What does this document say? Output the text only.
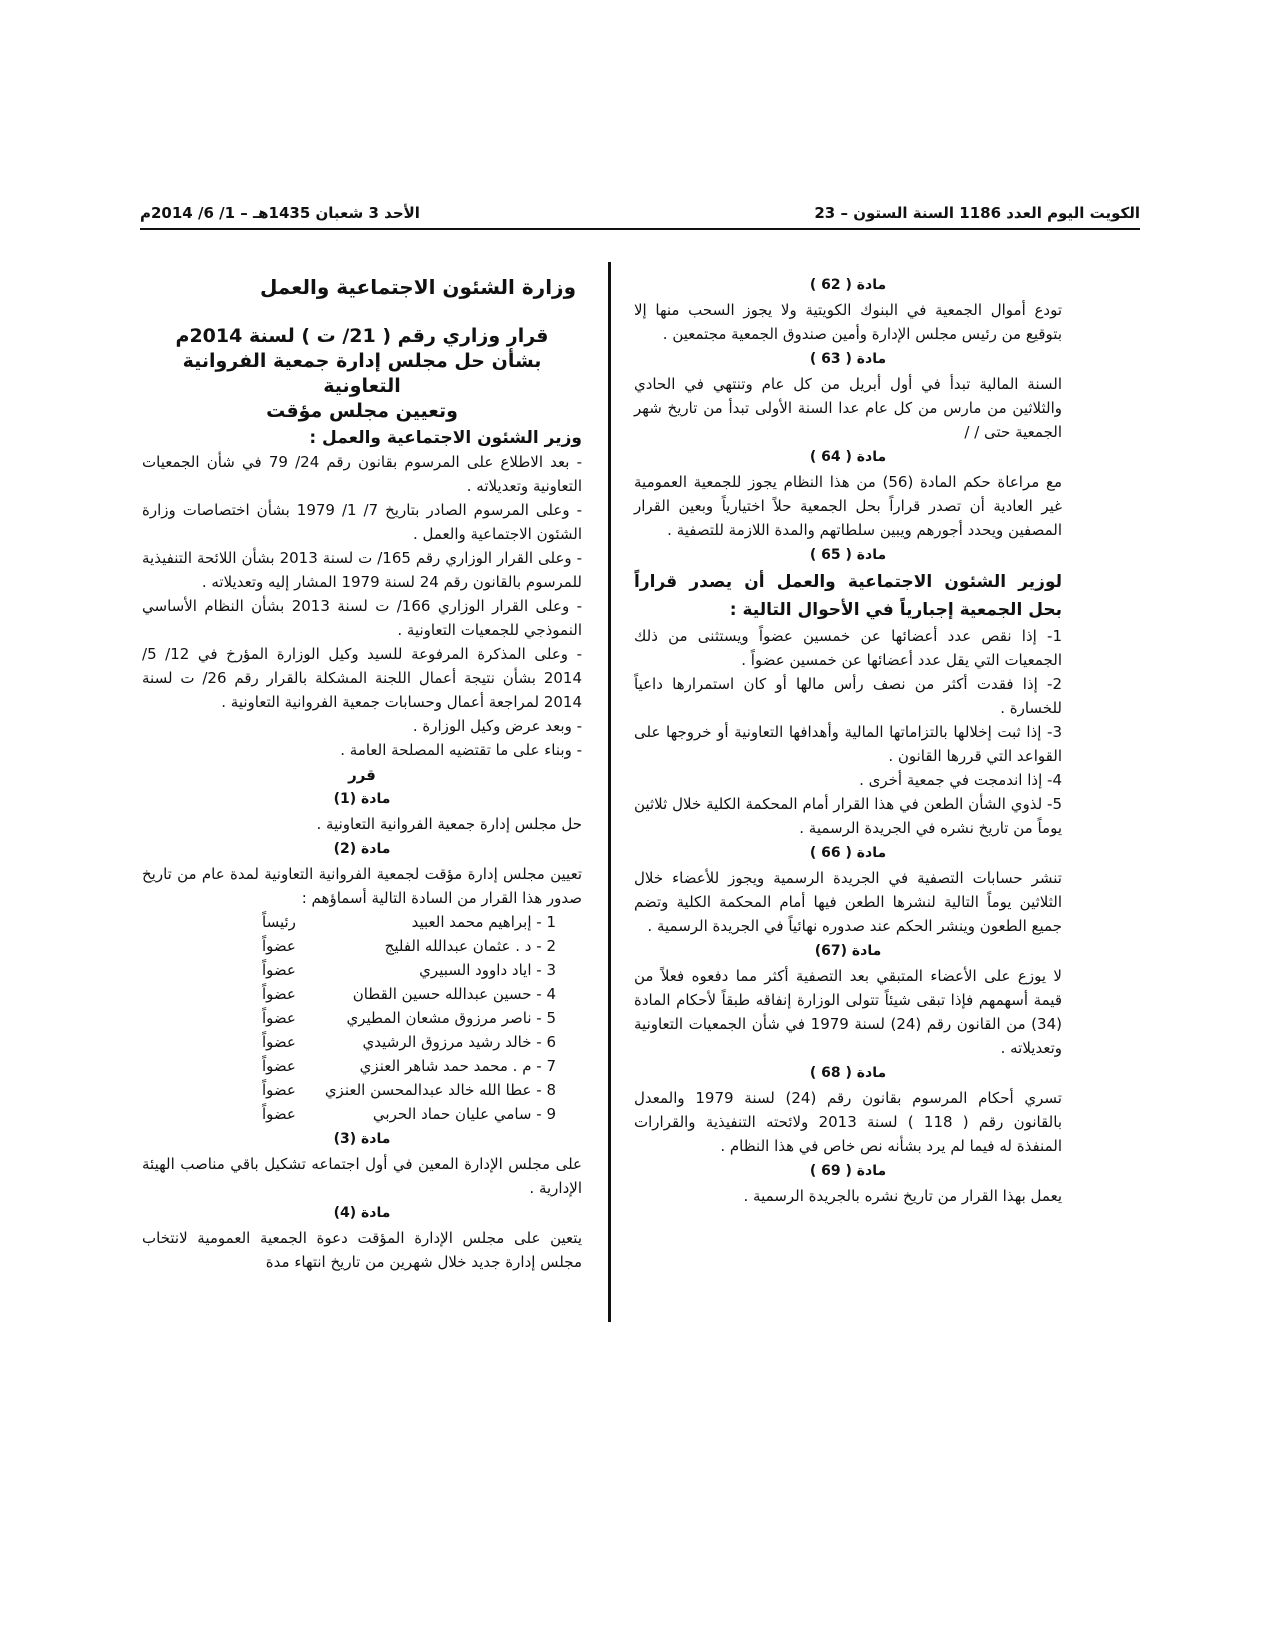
الكويت اليوم العدد 1186 السنة الستون – 23
الأحد 3 شعبان 1435هـ – 1/ 6/ 2014م
مادة ( 62 )

تودع أموال الجمعية في البنوك الكويتية ولا يجوز السحب منها إلا بتوقيع من رئيس مجلس الإدارة وأمين صندوق الجمعية مجتمعين .

مادة ( 63 )

السنة المالية تبدأ في أول أبريل من كل عام وتنتهي في الحادي والثلاثين من مارس من كل عام عدا السنة الأولى تبدأ من تاريخ شهر الجمعية حتى / /

مادة ( 64 )

مع مراعاة حكم المادة (56) من هذا النظام يجوز للجمعية العمومية غير العادية أن تصدر قراراً بحل الجمعية حلاً اختيارياً وبعين القرار المصفين ويحدد أجورهم ويبين سلطاتهم والمدة اللازمة للتصفية .

مادة ( 65 )

لوزير الشئون الاجتماعية والعمل أن يصدر قراراً بحل الجمعية إجبارياً في الأحوال التالية :

1- إذا نقص عدد أعضائها عن خمسين عضواً ويستثنى من ذلك الجمعيات التي يقل عدد أعضائها عن خمسين عضواً .

2- إذا فقدت أكثر من نصف رأس مالها أو كان استمرارها داعياً للخسارة .

3- إذا ثبت إخلالها بالتزاماتها المالية وأهدافها التعاونية أو خروجها على القواعد التي قررها القانون .

4- إذا اندمجت في جمعية أخرى .

5- لذوي الشأن الطعن في هذا القرار أمام المحكمة الكلية خلال ثلاثين يوماً من تاريخ نشره في الجريدة الرسمية .

مادة ( 66 )

تنشر حسابات التصفية في الجريدة الرسمية ويجوز للأعضاء خلال الثلاثين يوماً التالية لنشرها الطعن فيها أمام المحكمة الكلية وتضم جميع الطعون وينشر الحكم عند صدوره نهائياً في الجريدة الرسمية .

مادة (67)

لا يوزع على الأعضاء المتبقي بعد التصفية أكثر مما دفعوه فعلاً من قيمة أسهمهم فإذا تبقى شيئاً تتولى الوزارة إنفاقه طبقاً لأحكام المادة (34) من القانون رقم (24) لسنة 1979 في شأن الجمعيات التعاونية وتعديلاته .

مادة ( 68 )

تسري أحكام المرسوم بقانون رقم (24) لسنة 1979 والمعدل بالقانون رقم ( 118 ) لسنة 2013 ولائحته التنفيذية والقرارات المنفذة له فيما لم يرد بشأنه نص خاص في هذا النظام .

مادة ( 69 )

يعمل بهذا القرار من تاريخ نشره بالجريدة الرسمية .

وزارة الشئون الاجتماعية والعمل

قرار وزاري رقم ( 21/ ت ) لسنة 2014م

بشأن حل مجلس إدارة جمعية الفروانية التعاونية

وتعيين مجلس مؤقت

وزير الشئون الاجتماعية والعمل :

- بعد الاطلاع على المرسوم بقانون رقم 24/ 79 في شأن الجمعيات التعاونية وتعديلاته .

- وعلى المرسوم الصادر بتاريخ 7/ 1/ 1979 بشأن اختصاصات وزارة الشئون الاجتماعية والعمل .

- وعلى القرار الوزاري رقم 165/ ت لسنة 2013 بشأن اللائحة التنفيذية للمرسوم بالقانون رقم 24 لسنة 1979 المشار إليه وتعديلاته .

- وعلى القرار الوزاري 166/ ت لسنة 2013 بشأن النظام الأساسي النموذجي للجمعيات التعاونية .

- وعلى المذكرة المرفوعة للسيد وكيل الوزارة المؤرخ في 12/ 5/ 2014 بشأن نتيجة أعمال اللجنة المشكلة بالقرار رقم 26/ ت لسنة 2014 لمراجعة أعمال وحسابات جمعية الفروانية التعاونية .

- وبعد عرض وكيل الوزارة .

- وبناء على ما تقتضيه المصلحة العامة .

قرر
مادة (1)

حل مجلس إدارة جمعية الفروانية التعاونية .

مادة (2)

تعيين مجلس إدارة مؤقت لجمعية الفروانية التعاونية لمدة عام من تاريخ صدور هذا القرار من السادة التالية أسماؤهم :

1 - إبراهيم محمد العبيد
رئيساً
2 - د . عثمان عبدالله الفليج
عضواً
3 - اياد داوود السبيري
عضواً
4 - حسين عبدالله حسين القطان
عضواً
5 - ناصر مرزوق مشعان المطيري
عضواً
6 - خالد رشيد مرزوق الرشيدي
عضواً
7 - م . محمد حمد شاهر العنزي
عضواً
8 - عطا الله خالد عبدالمحسن العنزي
عضواً
9 - سامي عليان حماد الحربي
عضواً
مادة (3)

على مجلس الإدارة المعين في أول اجتماعه تشكيل باقي مناصب الهيئة الإدارية .

مادة (4)

يتعين على مجلس الإدارة المؤقت دعوة الجمعية العمومية لانتخاب مجلس إدارة جديد خلال شهرين من تاريخ انتهاء مدة
